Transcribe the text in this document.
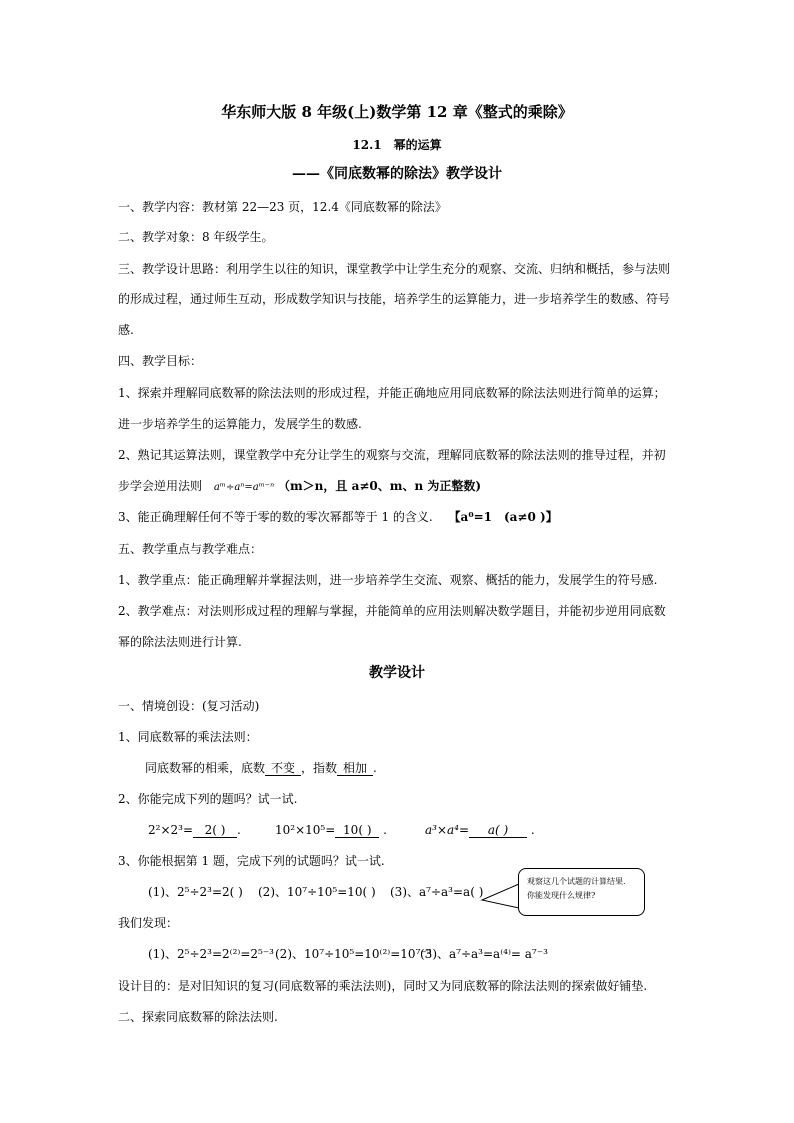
华东师大版 8 年级(上)数学第 12 章《整式的乘除》
12.1　幂的运算
——《同底数幂的除法》教学设计
一、教学内容：教材第 22—23 页，12.4《同底数幂的除法》
二、教学对象：8 年级学生。
三、教学设计思路：利用学生以往的知识，课堂教学中让学生充分的观察、交流、归纳和概括，参与法则
的形成过程，通过师生互动，形成数学知识与技能，培养学生的运算能力，进一步培养学生的数感、符号
感.
四、教学目标：
1、探索并理解同底数幂的除法法则的形成过程，并能正确地应用同底数幂的除法法则进行简单的运算；
进一步培养学生的运算能力，发展学生的数感.
2、熟记其运算法则，课堂教学中充分让学生的观察与交流，理解同底数幂的除法法则的推导过程，并初
步学会逆用法则 aᵐ÷aⁿ=aᵐ⁻ⁿ （m＞n，且 a≠0、m、n 为正整数)
3、能正确理解任何不等于零的数的零次幂都等于 1 的含义. 【a⁰=1　(a≠0 )】
五、教学重点与教学难点：
1、教学重点：能正确理解并掌握法则，进一步培养学生交流、观察、概括的能力，发展学生的符号感.
2、教学难点：对法则形成过程的理解与掌握，并能简单的应用法则解决数学题目，并能初步逆用同底数
幂的除法法则进行计算.
教学设计
一、情境创设：(复习活动)
1、同底数幂的乘法法则：
同底数幂的相乘，底数 不变 ，指数 相加 .
2、你能完成下列的题吗？试一试.
2²×2³= 2( ) .	10²×10⁵= 10( ) .	a³×a⁴= a( ) .
3、你能根据第 1 题，完成下列的试题吗？试一试.
(1)、2⁵÷2³=2( ) (2)、10⁷÷10⁵=10( ) (3)、a⁷÷a³=a( )
观察这几个试题的计算结果.
你能发现什么规律?
我们发现：
(1)、2⁵÷2³=2⁽²⁾=2⁵⁻³ (2)、10⁷÷10⁵=10⁽²⁾=10⁷⁻⁵
(3)、a⁷÷a³=a⁽⁴⁾= a⁷⁻³
设计目的：是对旧知识的复习(同底数幂的乘法法则)，同时又为同底数幂的除法法则的探索做好铺垫.
二、探索同底数幂的除法法则.
